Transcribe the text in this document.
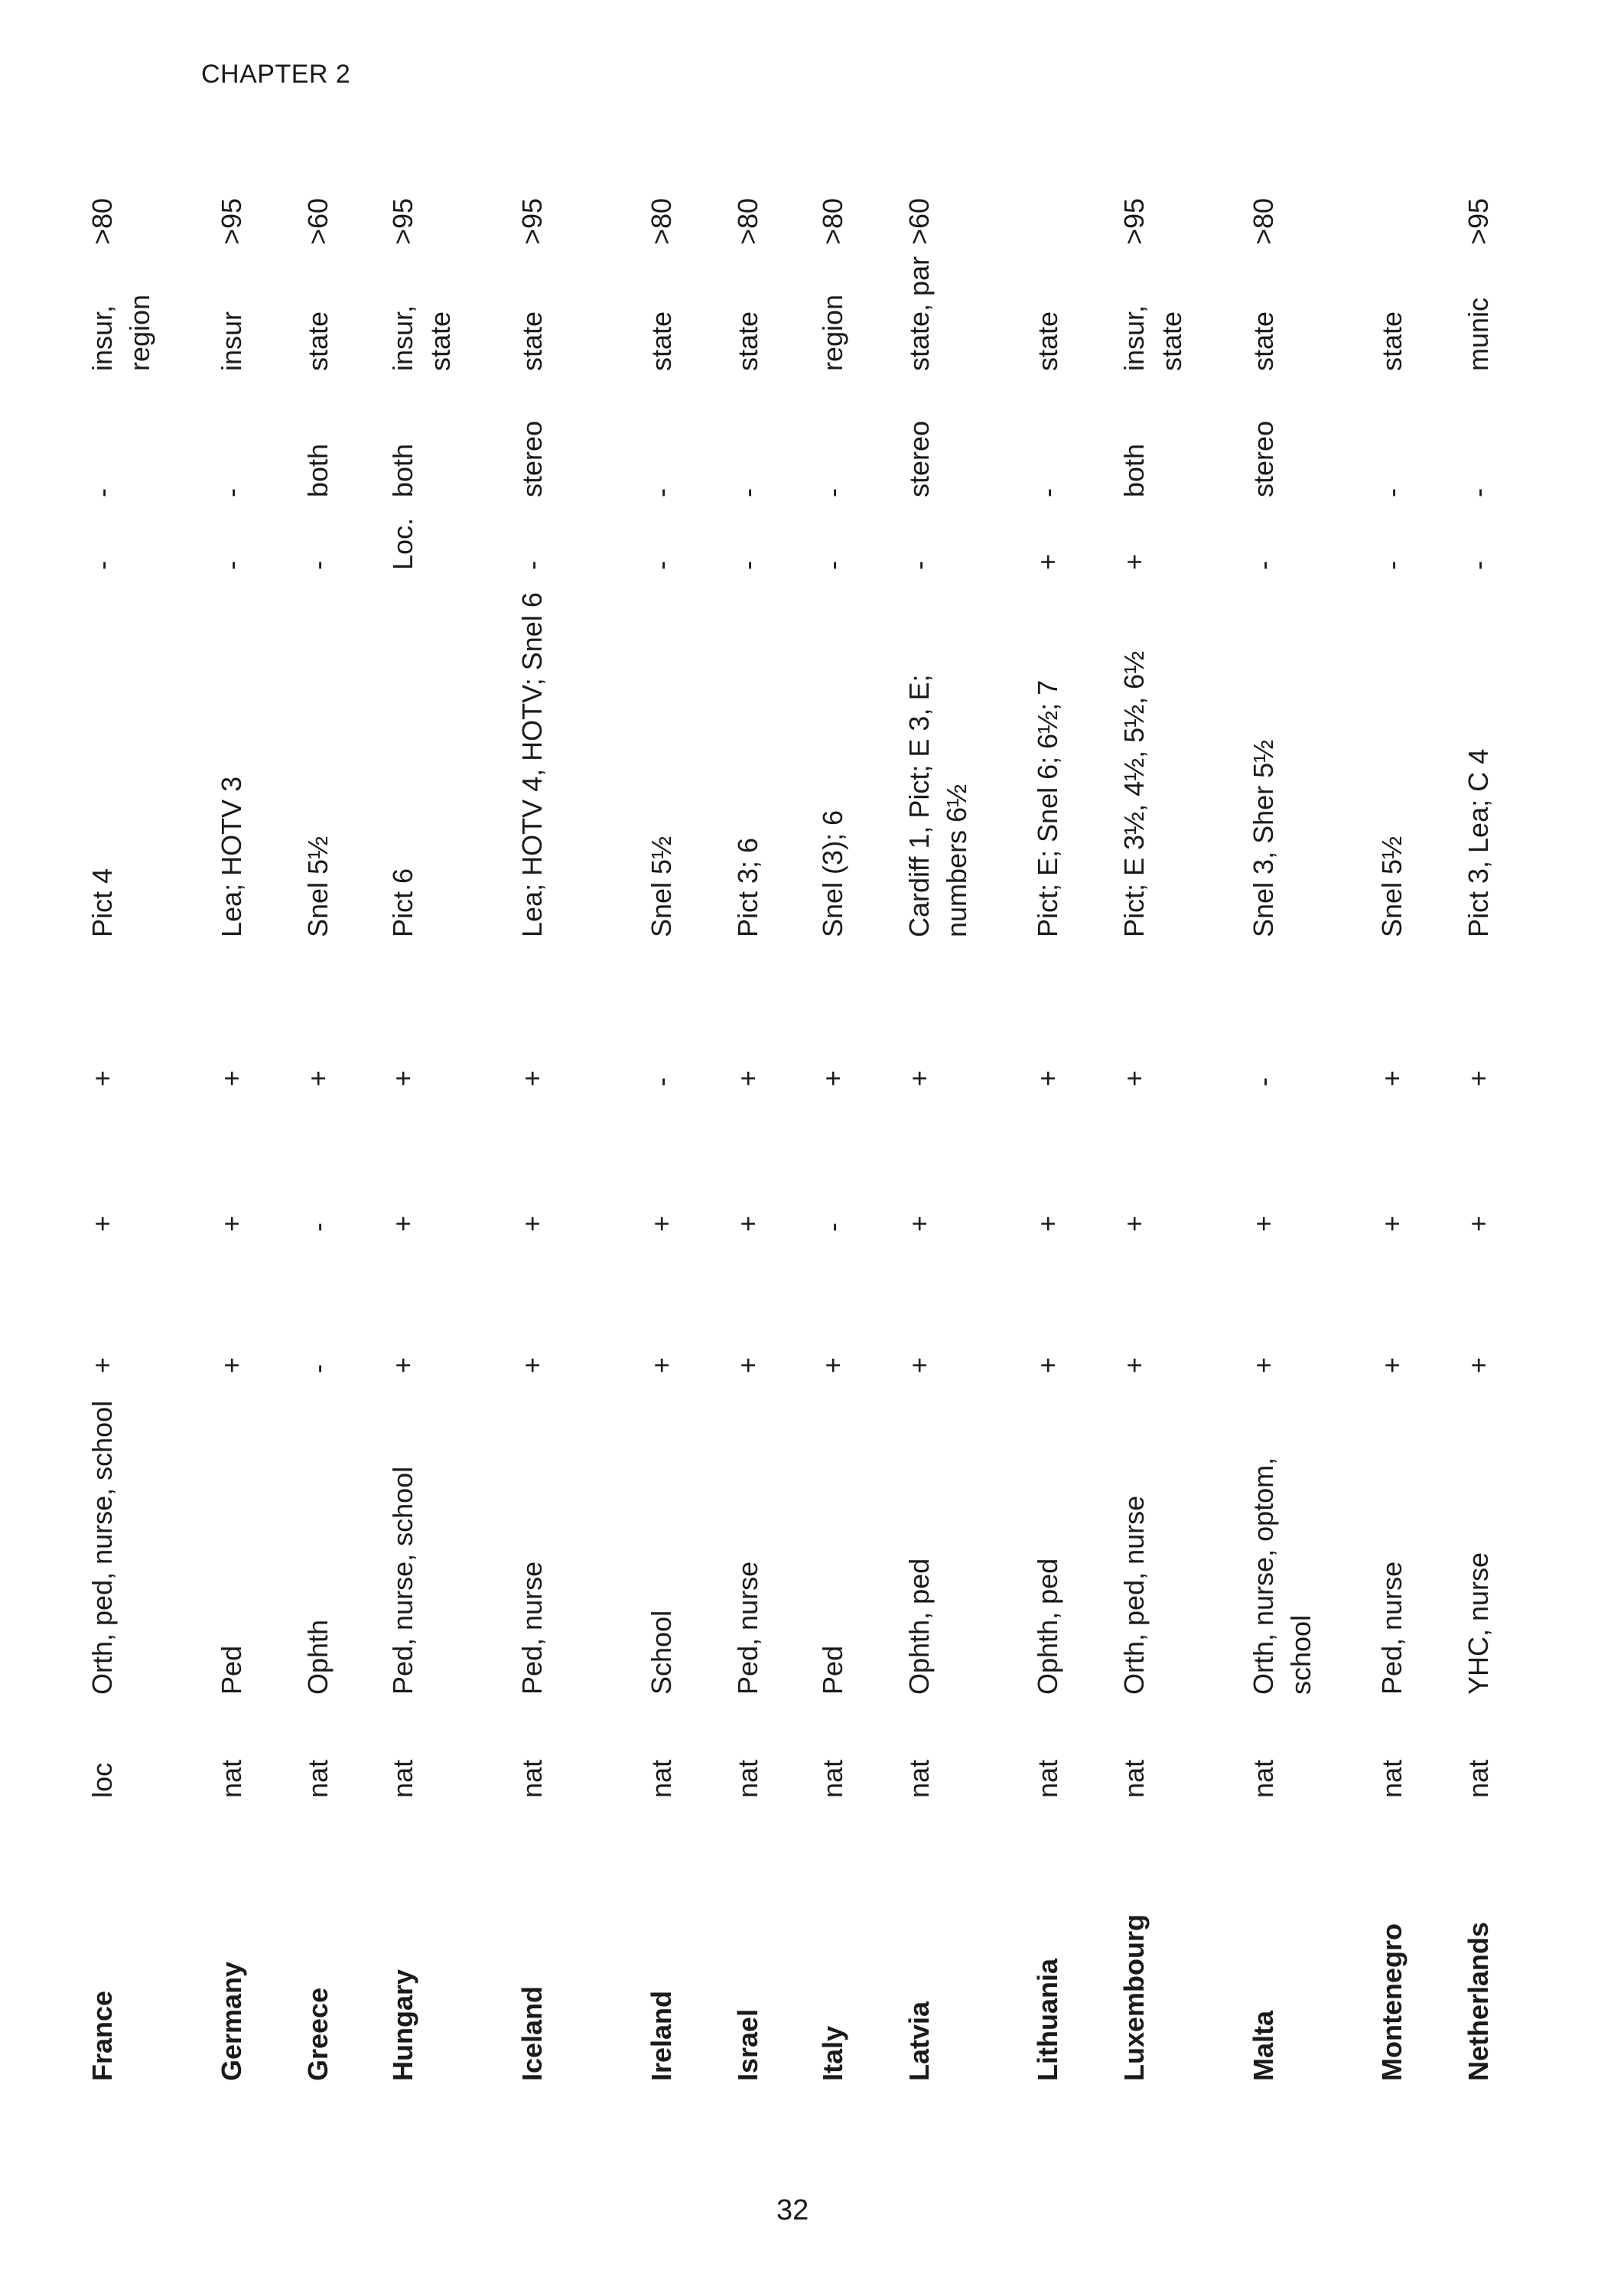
CHAPTER 2
France	loc	Orth, ped, nurse, school	+	+	+	Pict 4	-	-	insur, region	>80
Germany	nat	Ped	+	+	+	Lea; HOTV 3	-	-	insur	>95
Greece	nat	Ophth	-	-	+	Snel 5½	-	both	state	>60
Hungary	nat	Ped, nurse, school	+	+	+	Pict 6	Loc.	both	insur, state	>95
Iceland	nat	Ped, nurse	+	+	+	Lea; HOTV 4, HOTV; Snel 6	-	stereo	state	>95
Ireland	nat	School	+	+	-	Snel 5½	-	-	state	>80
Israel	nat	Ped, nurse	+	+	+	Pict 3; 6	-	-	state	>80
Italy	nat	Ped	+	-	+	Snel (3); 6	-	-	region	>80
Latvia	nat	Ophth, ped	+	+	+	Cardiff 1, Pict; E 3, E; numbers 6½	-	stereo	state, par	>60
Lithuania	nat	Ophth, ped	+	+	+	Pict; E; Snel 6; 6½; 7	+	-	state	
Luxembourg	nat	Orth, ped, nurse	+	+	+	Pict; E 3½, 4½, 5½, 6½	+	both	insur, state	>95
Malta	nat	Orth, nurse, optom, school	+	+	-	Snel 3, Sher 5½	-	stereo	state	>80
Montenegro	nat	Ped, nurse	+	+	+	Snel 5½	-	-	state	
Netherlands	nat	YHC, nurse	+	+	+	Pict 3, Lea; C 4	-	-	munic	>95
32
